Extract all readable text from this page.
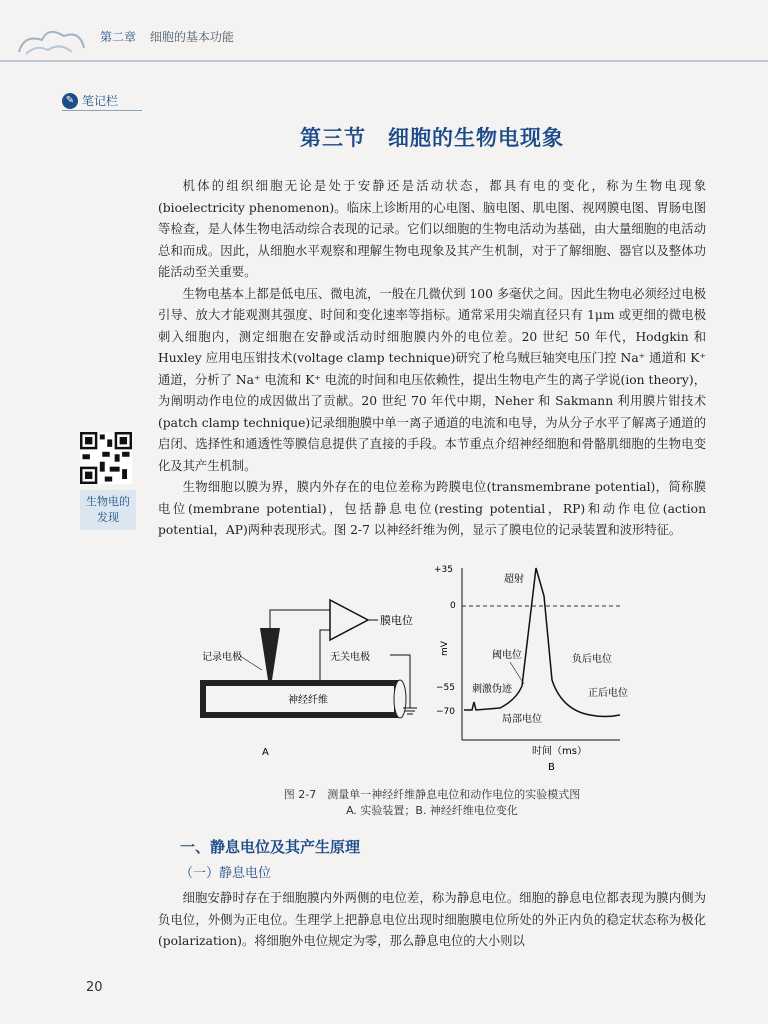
第二章 细胞的基本功能
✎ 笔记栏
生物电的
发现
第三节　细胞的生物电现象

机体的组织细胞无论是处于安静还是活动状态，都具有电的变化，称为生物电现象(bioelectricity phenomenon)。临床上诊断用的心电图、脑电图、肌电图、视网膜电图、胃肠电图等检查，是人体生物电活动综合表现的记录。它们以细胞的生物电活动为基础，由大量细胞的电活动总和而成。因此，从细胞水平观察和理解生物电现象及其产生机制，对于了解细胞、器官以及整体功能活动至关重要。

生物电基本上都是低电压、微电流，一般在几微伏到 100 多毫伏之间。因此生物电必须经过电极引导、放大才能观测其强度、时间和变化速率等指标。通常采用尖端直径只有 1μm 或更细的微电极刺入细胞内，测定细胞在安静或活动时细胞膜内外的电位差。20 世纪 50 年代，Hodgkin 和 Huxley 应用电压钳技术(voltage clamp technique)研究了枪乌贼巨轴突电压门控 Na⁺ 通道和 K⁺ 通道，分析了 Na⁺ 电流和 K⁺ 电流的时间和电压依赖性，提出生物电产生的离子学说(ion theory)，为阐明动作电位的成因做出了贡献。20 世纪 70 年代中期，Neher 和 Sakmann 利用膜片钳技术(patch clamp technique)记录细胞膜中单一离子通道的电流和电导，为从分子水平了解离子通道的启闭、选择性和通透性等膜信息提供了直接的手段。本节重点介绍神经细胞和骨骼肌细胞的生物电变化及其产生机制。

生物细胞以膜为界，膜内外存在的电位差称为跨膜电位(transmembrane potential)，简称膜电位(membrane potential)，包括静息电位(resting potential，RP)和动作电位(action potential，AP)两种表现形式。图 2-7 以神经纤维为例，显示了膜电位的记录装置和波形特征。

膜电位
记录电极	无关电极
神经纤维
A
+35
0
−55
−70
mV
超射
阈电位	负后电位
刺激伪迹	正后电位
局部电位
时间（ms）
B
图 2-7　测量单一神经纤维静息电位和动作电位的实验模式图
A. 实验装置；B. 神经纤维电位变化
一、静息电位及其产生原理
（一）静息电位

细胞安静时存在于细胞膜内外两侧的电位差，称为静息电位。细胞的静息电位都表现为膜内侧为负电位，外侧为正电位。生理学上把静息电位出现时细胞膜电位所处的外正内负的稳定状态称为极化(polarization)。将细胞外电位规定为零，那么静息电位的大小则以

20
